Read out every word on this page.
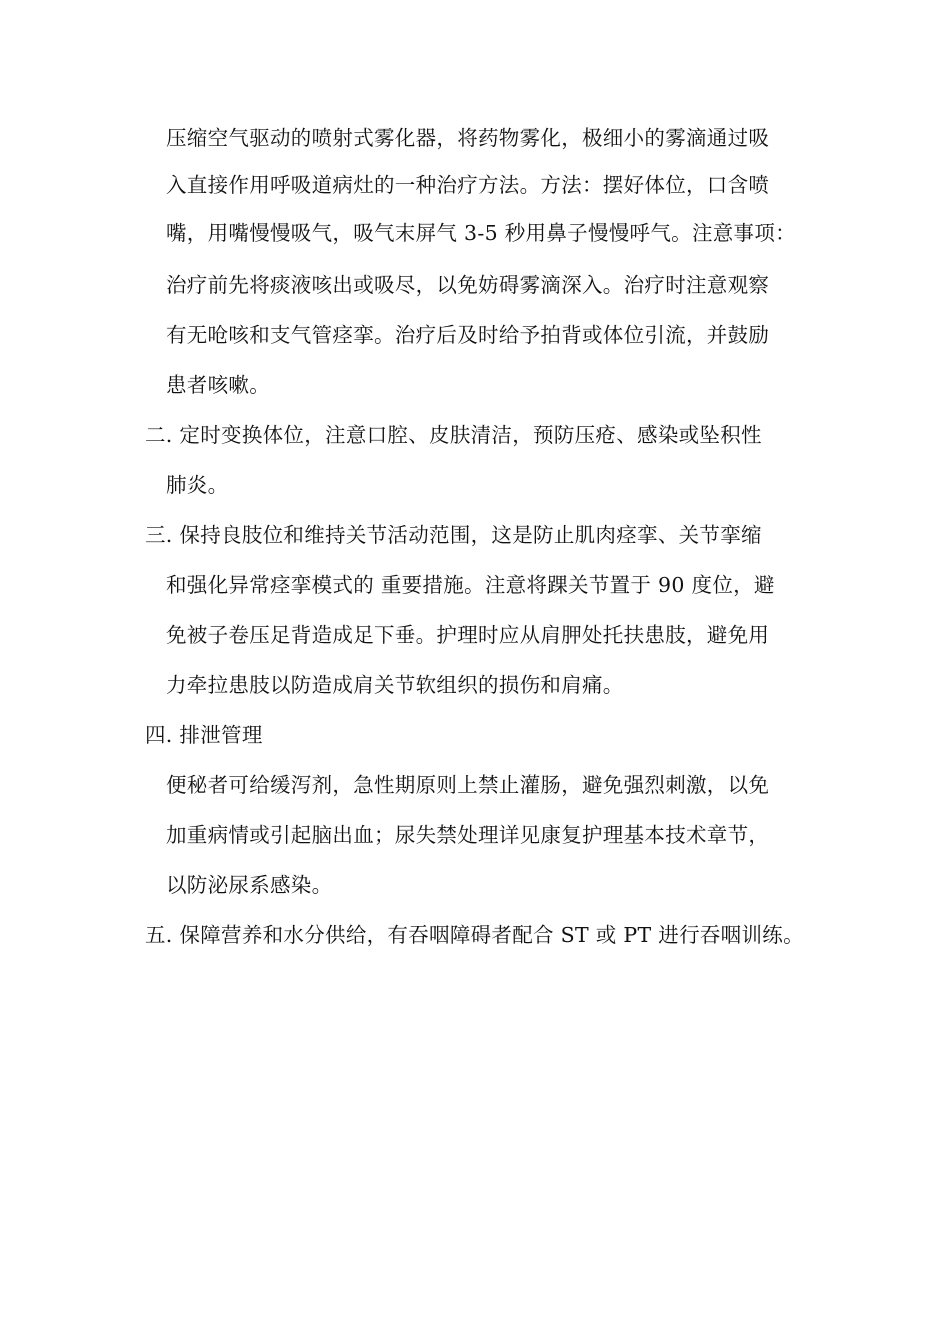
压缩空气驱动的喷射式雾化器，将药物雾化，极细小的雾滴通过吸
入直接作用呼吸道病灶的一种治疗方法。方法：摆好体位，口含喷
嘴，用嘴慢慢吸气，吸气末屏气 3-5 秒用鼻子慢慢呼气。注意事项：
治疗前先将痰液咳出或吸尽，以免妨碍雾滴深入。治疗时注意观察
有无呛咳和支气管痉挛。治疗后及时给予拍背或体位引流，并鼓励
患者咳嗽。
二. 定时变换体位，注意口腔、皮肤清洁，预防压疮、感染或坠积性
肺炎。
三. 保持良肢位和维持关节活动范围，这是防止肌肉痉挛、关节挛缩
和强化异常痉挛模式的 重要措施。注意将踝关节置于 90 度位，避
免被子卷压足背造成足下垂。护理时应从肩胛处托扶患肢，避免用
力牵拉患肢以防造成肩关节软组织的损伤和肩痛。
四. 排泄管理
便秘者可给缓泻剂，急性期原则上禁止灌肠，避免强烈刺激，以免
加重病情或引起脑出血；尿失禁处理详见康复护理基本技术章节，
以防泌尿系感染。
五. 保障营养和水分供给，有吞咽障碍者配合 ST 或 PT 进行吞咽训练。
